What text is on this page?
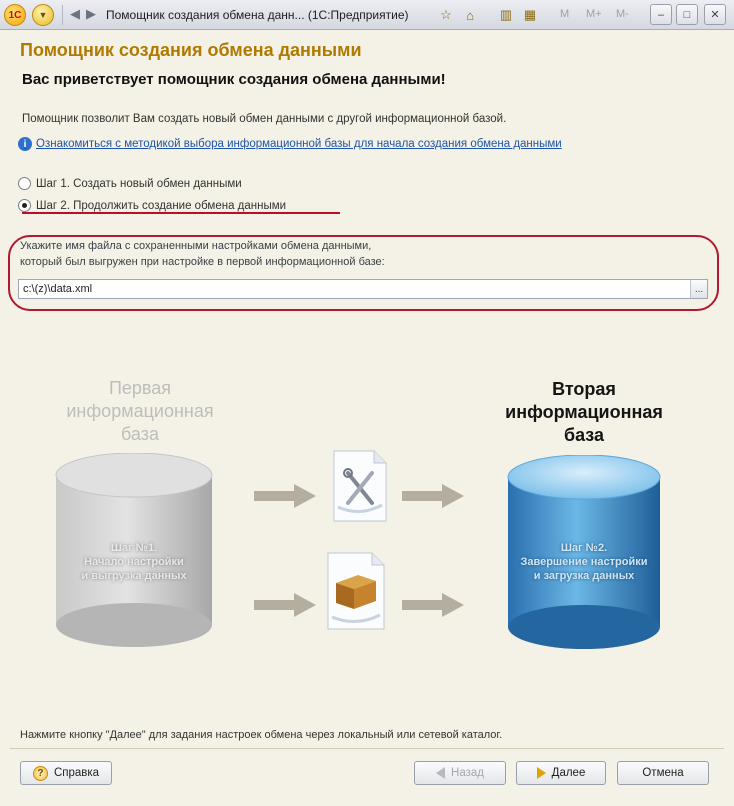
1С	▼	◀ ▶ Помощник создания обмена данн... (1С:Предприятие)	☆	⌂	▥ ▦	M M+ M-	‒	□	✕
Помощник создания обмена данными
Вас приветствует помощник создания обмена данными!
Помощник позволит Вам создать новый обмен данными с другой информационной базой.
i Ознакомиться с методикой выбора информационной базы для начала создания обмена данными
Шаг 1. Создать новый обмен данными
Шаг 2. Продолжить создание обмена данными
Укажите имя файла с сохраненными настройками обмена данными,
который был выгружен при настройке в первой информационной базе:
c:\(z)\data.xml
...
Первая
информационная
база
Вторая
информационная
база
Шаг №1.
Начало настройки
и выгрузка данных
Шаг №2.
Завершение настройки
и загрузка данных
Нажмите кнопку "Далее" для задания настроек обмена через локальный или сетевой каталог.
? Справка	Назад	Далее	Отмена
